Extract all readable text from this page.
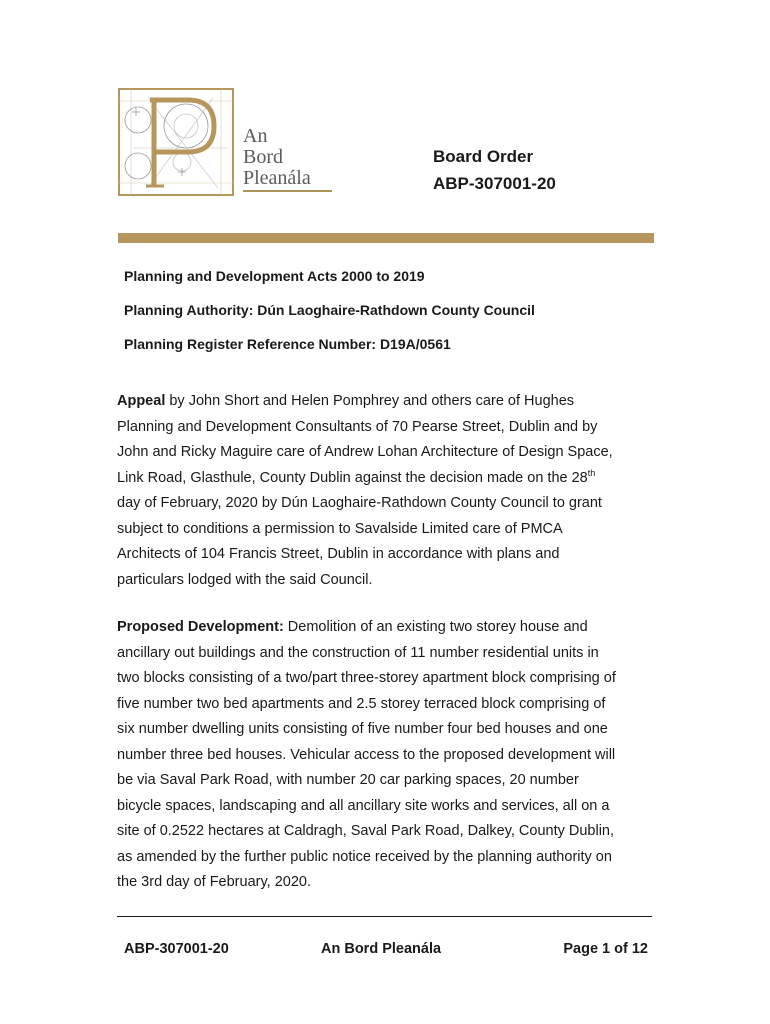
An
Bord
Pleanála
Board Order
ABP-307001-20
Planning and Development Acts 2000 to 2019
Planning Authority: Dún Laoghaire-Rathdown County Council
Planning Register Reference Number: D19A/0561
Appeal by John Short and Helen Pomphrey and others care of Hughes
Planning and Development Consultants of 70 Pearse Street, Dublin and by
John and Ricky Maguire care of Andrew Lohan Architecture of Design Space,
Link Road, Glasthule, County Dublin against the decision made on the 28th
day of February, 2020 by Dún Laoghaire-Rathdown County Council to grant
subject to conditions a permission to Savalside Limited care of PMCA
Architects of 104 Francis Street, Dublin in accordance with plans and
particulars lodged with the said Council.
Proposed Development: Demolition of an existing two storey house and
ancillary out buildings and the construction of 11 number residential units in
two blocks consisting of a two/part three-storey apartment block comprising of
five number two bed apartments and 2.5 storey terraced block comprising of
six number dwelling units consisting of five number four bed houses and one
number three bed houses. Vehicular access to the proposed development will
be via Saval Park Road, with number 20 car parking spaces, 20 number
bicycle spaces, landscaping and all ancillary site works and services, all on a
site of 0.2522 hectares at Caldragh, Saval Park Road, Dalkey, County Dublin,
as amended by the further public notice received by the planning authority on
the 3rd day of February, 2020.
ABP-307001-20	An Bord Pleanála	Page 1 of 12
